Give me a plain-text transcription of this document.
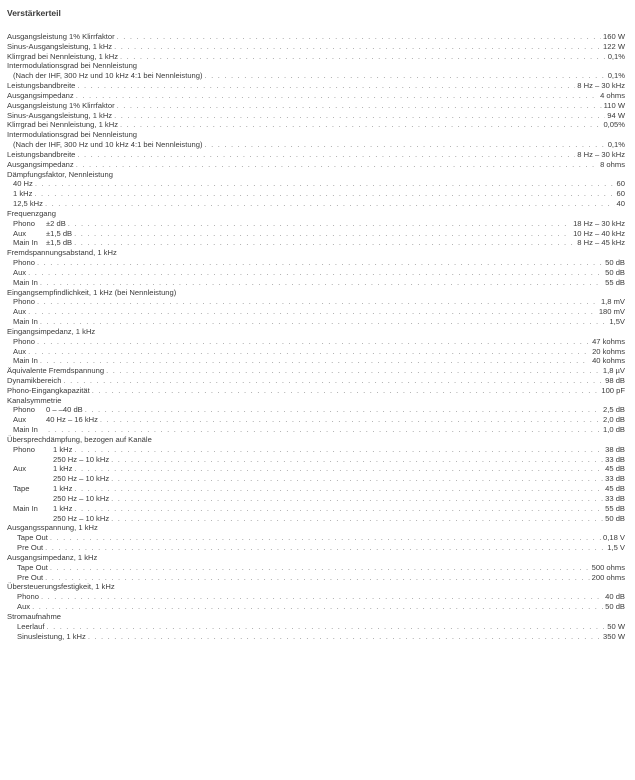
Verstärkerteil
Ausgangsleistung 1% Klirrfaktor . . .	160 W
Sinus-Ausgangsleistung, 1 kHz . . .	122 W
Klirrgrad bei Nennleistung, 1 kHz . . .	0,1%
Intermodulationsgrad bei Nennleistung
(Nach der IHF, 300 Hz und 10 kHz 4:1 bei Nennleistung) . . .	0,1%
Leistungsbandbreite . . .	8 Hz – 30 kHz
Ausgangsimpedanz . . .	4 ohms
Ausgangsleistung 1% Klirrfaktor . . .	110 W
Sinus-Ausgangsleistung, 1 kHz . . .	94 W
Klirrgrad bei Nennleistung, 1 kHz . . .	0,05%
Intermodulationsgrad bei Nennleistung
(Nach der IHF, 300 Hz und 10 kHz 4:1 bei Nennleistung) . . .	0,1%
Leistungsbandbreite . . .	8 Hz – 30 kHz
Ausgangsimpedanz . . .	8 ohms
Dämpfungsfaktor, Nennleistung
40 Hz . . .	60
1 kHz . . .	60
12,5 kHz . . .	40
Frequenzgang
Phono ±2 dB . . .	18 Hz – 30 kHz
Aux	±1,5 dB . . .	10 Hz – 40 kHz
Main In ±1,5 dB . . .	8 Hz – 45 kHz
Fremdspannungsabstand, 1 kHz
Phono . . .	50 dB
Aux . . .	50 dB
Main In . . .	55 dB
Eingangsempfindlichkeit, 1 kHz (bei Nennleistung)
Phono . . .	1,8 mV
Aux . . .	180 mV
Main In . . .	1,5V
Eingangsimpedanz, 1 kHz
Phono . . .	47 kohms
Aux . . .	20 kohms
Main In . . .	40 kohms
Äquivalente Fremdspannung . . .	1,8 µV
Dynamikbereich . . .	98 dB
Phono-Eingangkapazität . . .	100 pF
Kanalsymmetrie
Phono 0 – –40 dB . . .	2,5 dB
Aux	40 Hz – 16 kHz . . .	2,0 dB
Main In . . .	1,0 dB
Übersprechdämpfung, bezogen auf Kanäle
Phono 1 kHz . . .	38 dB
250 Hz – 10 kHz . . .	33 dB
Aux	1 kHz . . .	45 dB
250 Hz – 10 kHz . . .	33 dB
Tape	1 kHz . . .	45 dB
250 Hz – 10 kHz . . .	33 dB
Main In 1 kHz . . .	55 dB
250 Hz – 10 kHz . . .	50 dB
Ausgangsspannung, 1 kHz
Tape Out . . .	0,18 V
Pre Out . . .	1,5 V
Ausgangsimpedanz, 1 kHz
Tape Out . . .	500 ohms
Pre Out . . .	200 ohms
Übersteuerungsfestigkeit, 1 kHz
Phono . . .	40 dB
Aux . . .	50 dB
Stromaufnahme
Leerlauf . . .	50 W
Sinusleistung, 1 kHz . . .	350 W
